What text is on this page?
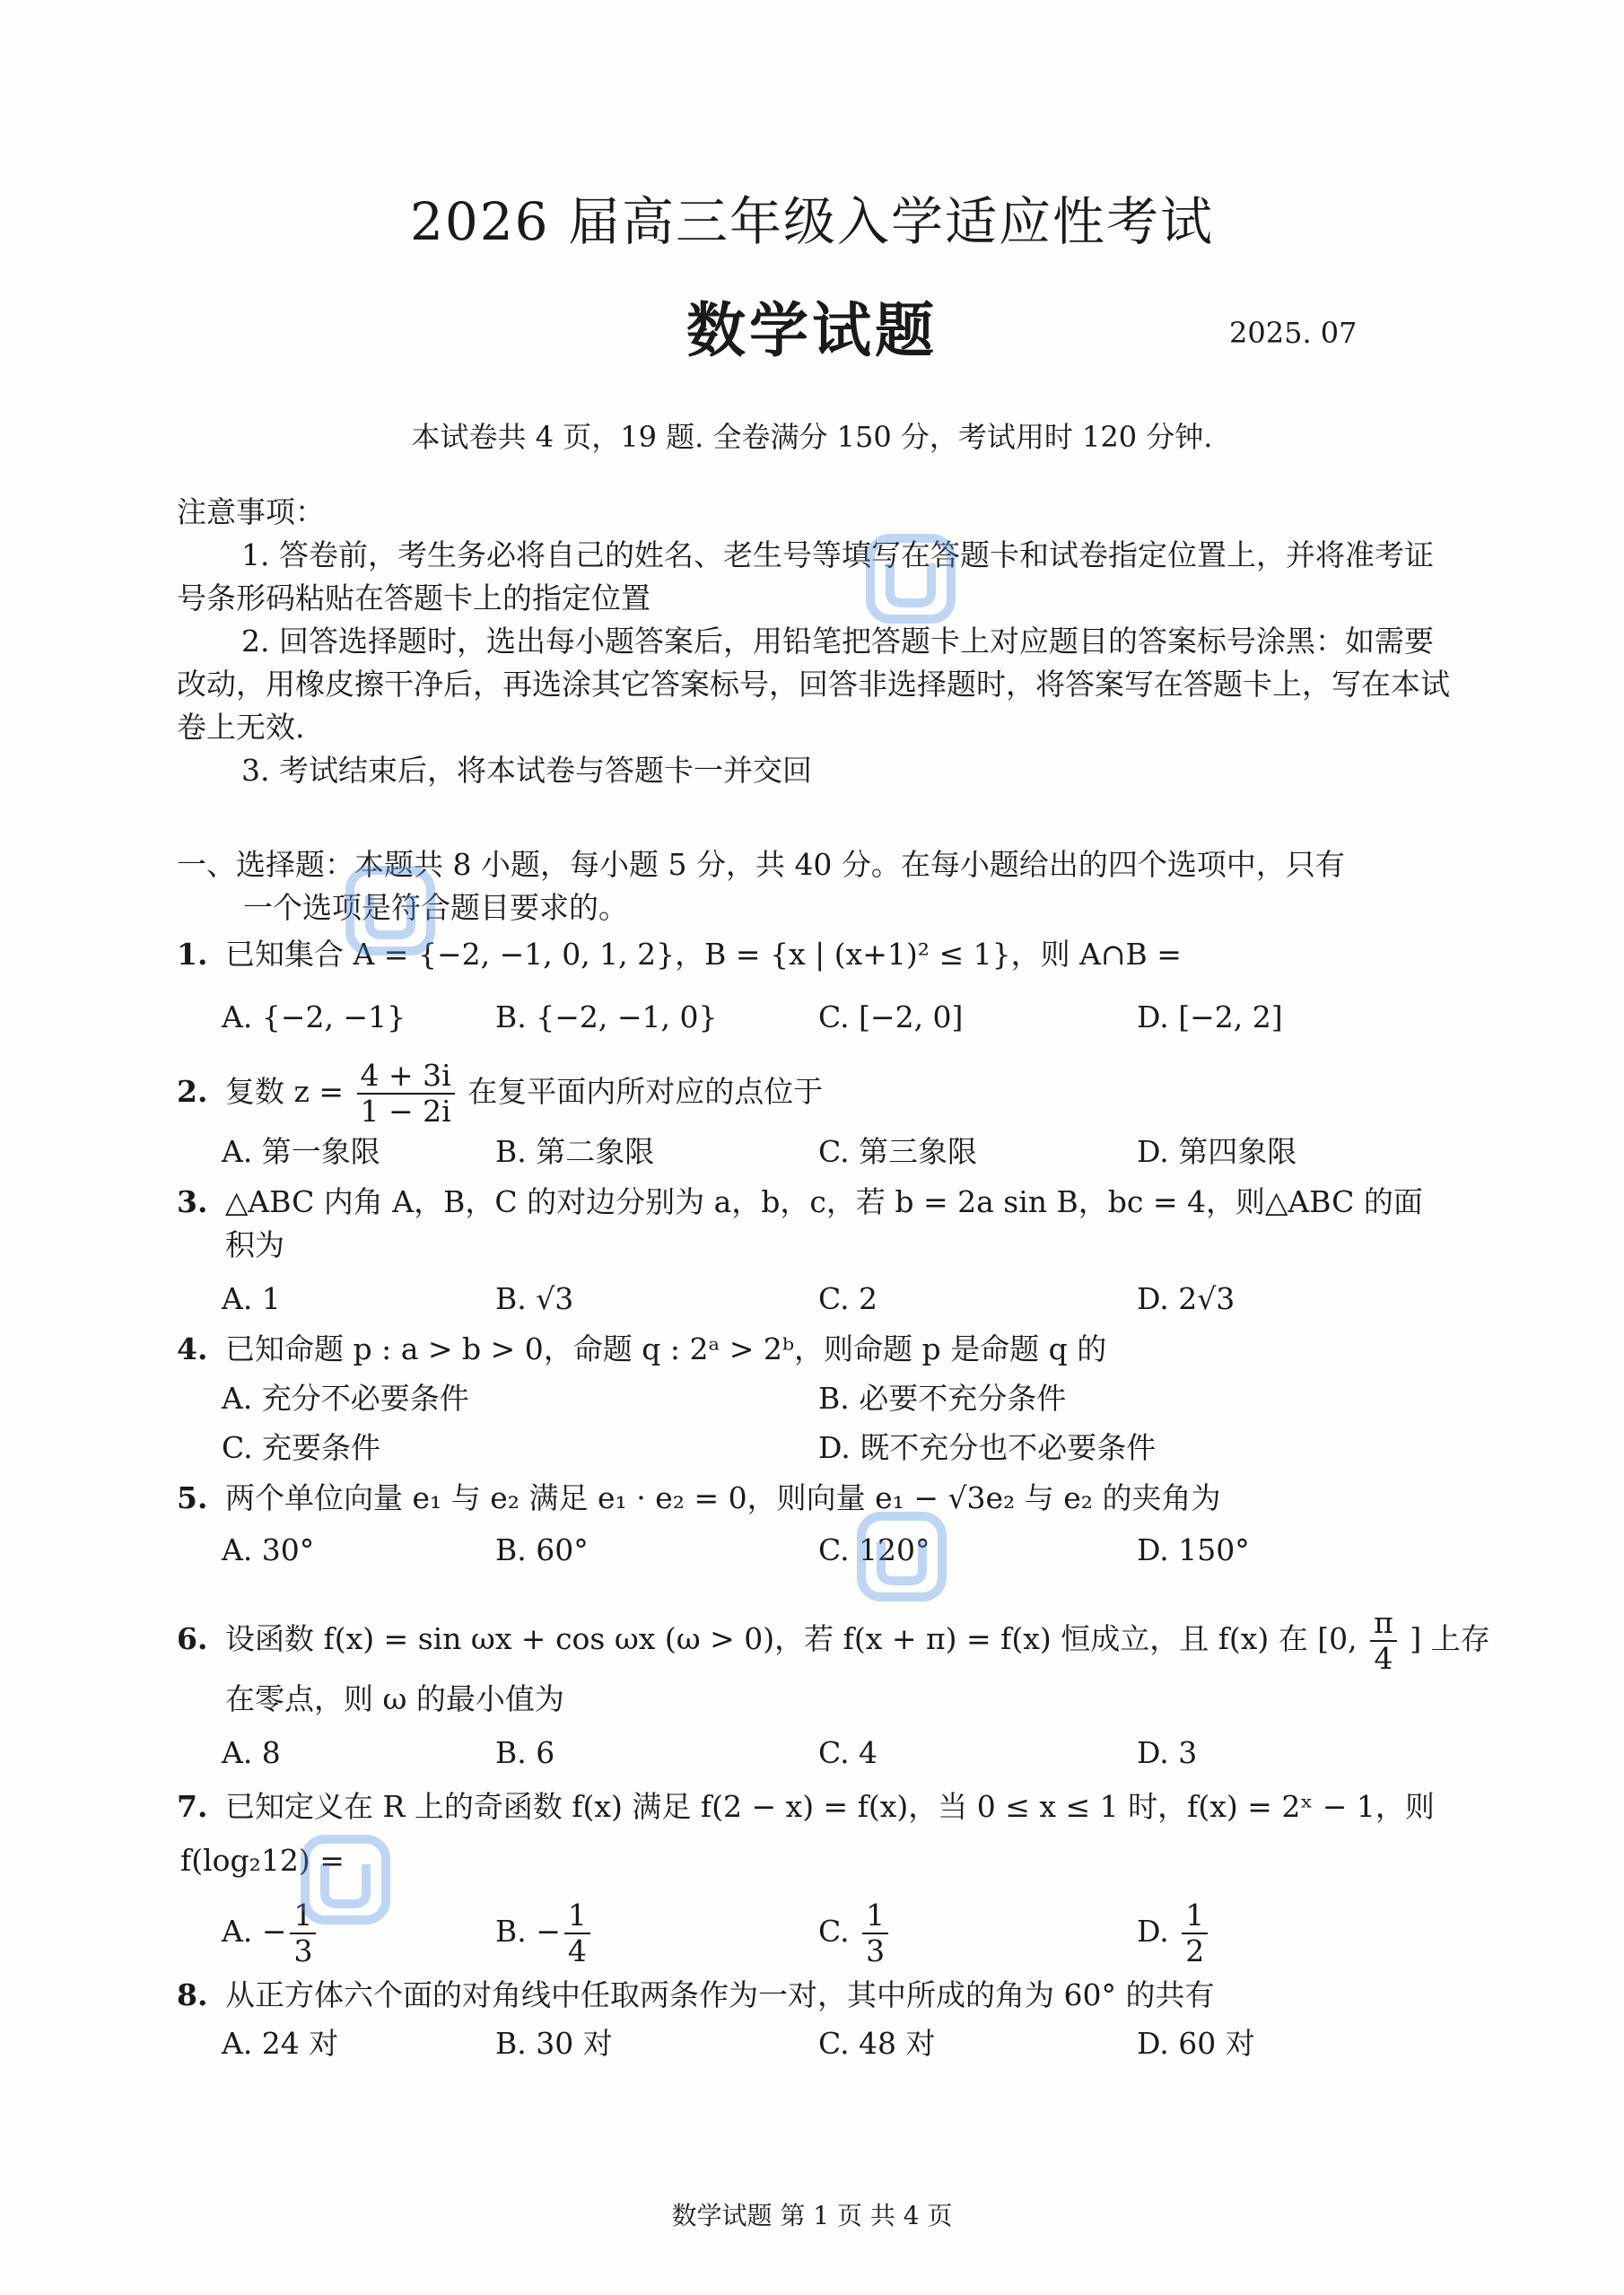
2026 届高三年级入学适应性考试
数学试题	2025. 07
本试卷共 4 页，19 题. 全卷满分 150 分，考试用时 120 分钟.
注意事项：
1. 答卷前，考生务必将自己的姓名、老生号等填写在答题卡和试卷指定位置上，并将准考证号条形码粘贴在答题卡上的指定位置
2. 回答选择题时，选出每小题答案后，用铅笔把答题卡上对应题目的答案标号涂黑：如需要改动，用橡皮擦干净后，再选涂其它答案标号，回答非选择题时，将答案写在答题卡上，写在本试卷上无效.
3. 考试结束后，将本试卷与答题卡一并交回
一、选择题：本题共 8 小题，每小题 5 分，共 40 分。在每小题给出的四个选项中，只有
一个选项是符合题目要求的。
1. 已知集合 A = {−2, −1, 0, 1, 2}，B = {x | (x+1)² ≤ 1}，则 A∩B =
A. {−2, −1}	B. {−2, −1, 0}	C. [−2, 0]	D. [−2, 2]
2. 复数 $z = \frac{4 + 3i}{1 - 2i}$ 在复平面内所对应的点位于
A. 第一象限	B. 第二象限	C. 第三象限	D. 第四象限
3. △ABC 内角 A，B，C 的对边分别为 a，b，c，若 b = 2a sin B，bc = 4，则△ABC 的面
积为
A. 1	B. √3	C. 2	D. 2√3
4. 已知命题 p : a > b > 0，命题 q : 2ᵃ > 2ᵇ，则命题 p 是命题 q 的
A. 充分不必要条件	B. 必要不充分条件
C. 充要条件	D. 既不充分也不必要条件
5. 两个单位向量 e₁ 与 e₂ 满足 e₁ · e₂ = 0，则向量 e₁ − √3e₂ 与 e₂ 的夹角为
A. 30°	B. 60°	C. 120°	D. 150°
6. 设函数 f(x) = sin ωx + cos ωx (ω > 0)，若 f(x + π) = f(x) 恒成立，且 f(x) 在 [0, $\frac{\pi}{4}$ ] 上存
在零点，则 ω 的最小值为
A. 8	B. 6	C. 4	D. 3
7. 已知定义在 R 上的奇函数 f(x) 满足 f(2 − x) = f(x)，当 0 ≤ x ≤ 1 时，f(x) = 2ˣ − 1，则
f(log₂12) =
A. − $\frac{1}{3}$	B. − $\frac{1}{4}$	C. $\frac{1}{3}$	D. $\frac{1}{2}$
8. 从正方体六个面的对角线中任取两条作为一对，其中所成的角为 60° 的共有
A. 24 对	B. 30 对	C. 48 对	D. 60 对
数学试题 第 1 页 共 4 页
